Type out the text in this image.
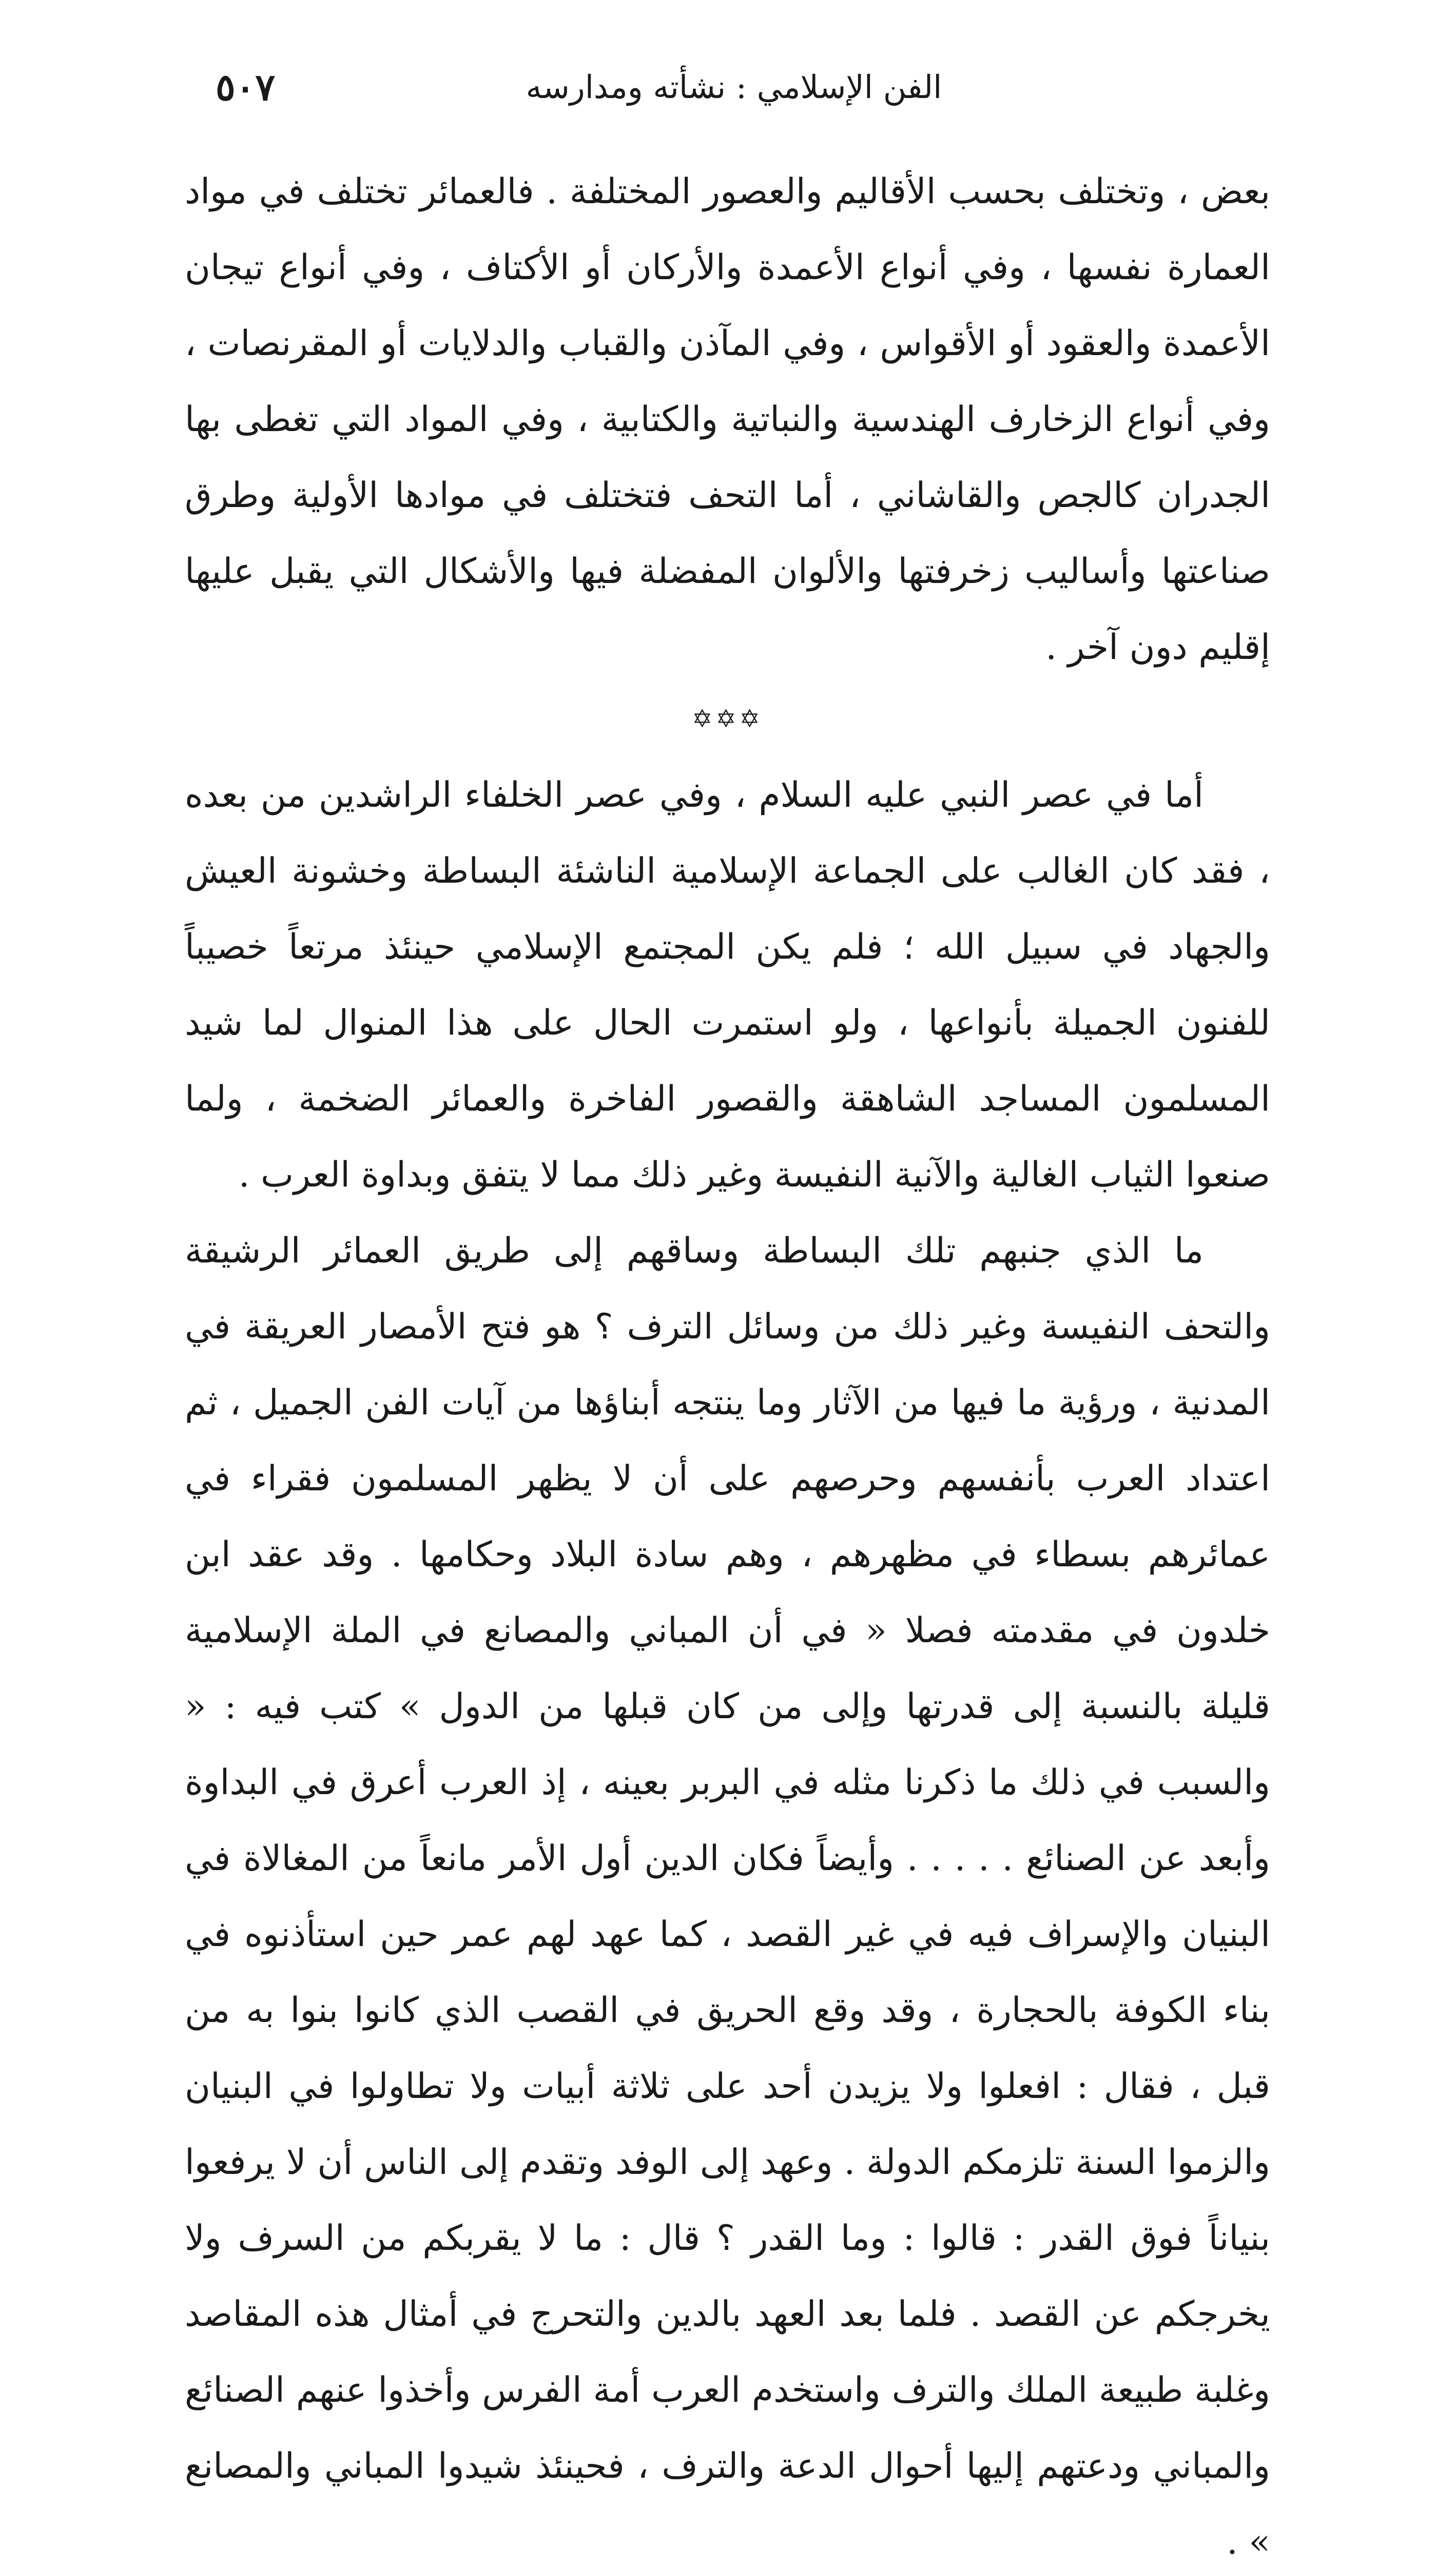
الفن الإسلامي : نشأته ومدارسه
٥٠٧

بعض ، وتختلف بحسب الأقاليم والعصور المختلفة . فالعمائر تختلف في مواد العمارة نفسها ، وفي أنواع الأعمدة والأركان أو الأكتاف ، وفي أنواع تيجان الأعمدة والعقود أو الأقواس ، وفي المآذن والقباب والدلايات أو المقرنصات ، وفي أنواع الزخارف الهندسية والنباتية والكتابية ، وفي المواد التي تغطى بها الجدران كالجص والقاشاني ، أما التحف فتختلف في موادها الأولية وطرق صناعتها وأساليب زخرفتها والألوان المفضلة فيها والأشكال التي يقبل عليها إقليم دون آخر .

✡✡✡

أما في عصر النبي عليه السلام ، وفي عصر الخلفاء الراشدين من بعده ، فقد كان الغالب على الجماعة الإسلامية الناشئة البساطة وخشونة العيش والجهاد في سبيل الله ؛ فلم يكن المجتمع الإسلامي حينئذ مرتعاً خصيباً للفنون الجميلة بأنواعها ، ولو استمرت الحال على هذا المنوال لما شيد المسلمون المساجد الشاهقة والقصور الفاخرة والعمائر الضخمة ، ولما صنعوا الثياب الغالية والآنية النفيسة وغير ذلك مما لا يتفق وبداوة العرب .

ما الذي جنبهم تلك البساطة وساقهم إلى طريق العمائر الرشيقة والتحف النفيسة وغير ذلك من وسائل الترف ؟ هو فتح الأمصار العريقة في المدنية ، ورؤية ما فيها من الآثار وما ينتجه أبناؤها من آيات الفن الجميل ، ثم اعتداد العرب بأنفسهم وحرصهم على أن لا يظهر المسلمون فقراء في عمائرهم بسطاء في مظهرهم ، وهم سادة البلاد وحكامها . وقد عقد ابن خلدون في مقدمته فصلا « في أن المباني والمصانع في الملة الإسلامية قليلة بالنسبة إلى قدرتها وإلى من كان قبلها من الدول » كتب فيه : « والسبب في ذلك ما ذكرنا مثله في البربر بعينه ، إذ العرب أعرق في البداوة وأبعد عن الصنائع . . . . . وأيضاً فكان الدين أول الأمر مانعاً من المغالاة في البنيان والإسراف فيه في غير القصد ، كما عهد لهم عمر حين استأذنوه في بناء الكوفة بالحجارة ، وقد وقع الحريق في القصب الذي كانوا بنوا به من قبل ، فقال : افعلوا ولا يزيدن أحد على ثلاثة أبيات ولا تطاولوا في البنيان والزموا السنة تلزمكم الدولة . وعهد إلى الوفد وتقدم إلى الناس أن لا يرفعوا بنياناً فوق القدر : قالوا : وما القدر ؟ قال : ما لا يقربكم من السرف ولا يخرجكم عن القصد . فلما بعد العهد بالدين والتحرج في أمثال هذه المقاصد وغلبة طبيعة الملك والترف واستخدم العرب أمة الفرس وأخذوا عنهم الصنائع والمباني ودعتهم إليها أحوال الدعة والترف ، فحينئذ شيدوا المباني والمصانع » .
